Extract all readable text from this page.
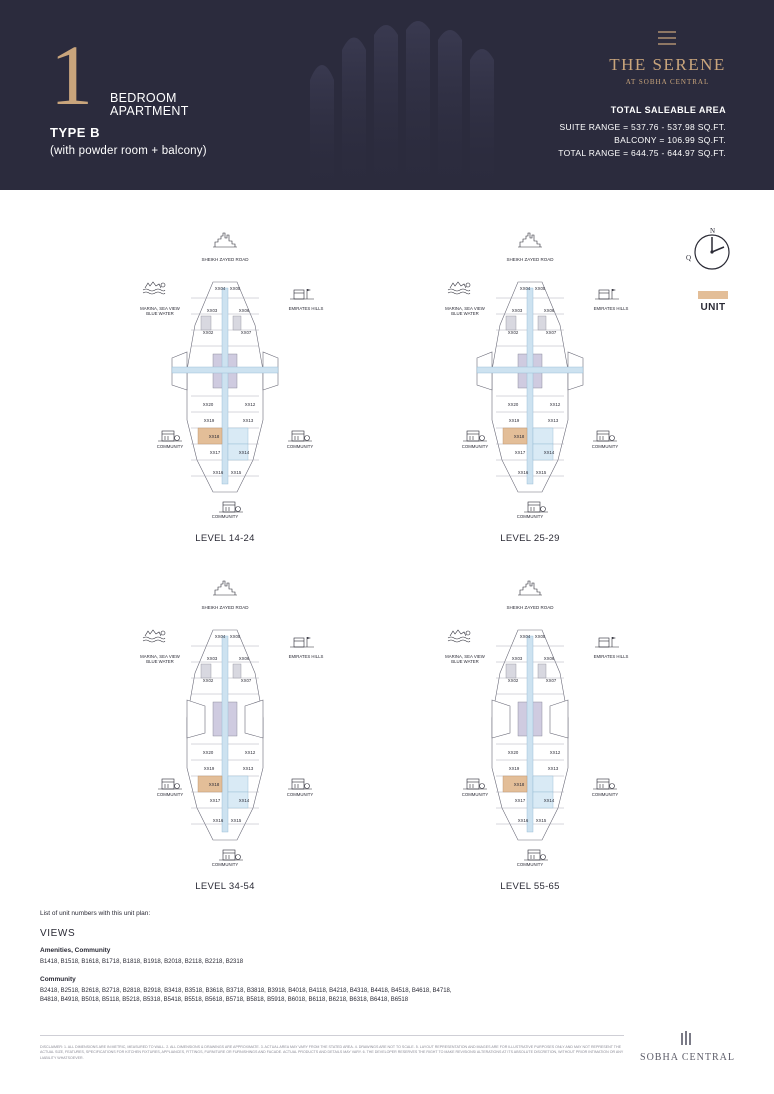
1 BEDROOM
APARTMENT
TYPE B
(with powder room + balcony)
THE SERENE
AT SOBHA CENTRAL
TOTAL SALEABLE AREA
SUITE RANGE = 537.76 - 537.98 SQ.FT.
BALCONY = 106.99 SQ.FT.
TOTAL RANGE = 644.75 - 644.97 SQ.FT.
N
Q
UNIT
SHEIKH ZAYED ROAD
MARINA, SEA VIEW
BLUE WATER
EMIRATES HILLS
COMMUNITY	COMMUNITY
COMMUNITY
XX04	XX05
XX03	XX06
XX02	XX07
XX20	XX12
XX19	XX13
XX18
XX17	XX14
XX16	XX15
LEVEL 14-24
SHEIKH ZAYED ROAD
MARINA, SEA VIEW
BLUE WATER
EMIRATES HILLS
COMMUNITY	COMMUNITY
COMMUNITY
XX04	XX05
XX03	XX06
XX02	XX07
XX20	XX12
XX19	XX13
XX18
XX17	XX14
XX16	XX15
LEVEL 25-29
SHEIKH ZAYED ROAD
MARINA, SEA VIEW
BLUE WATER
EMIRATES HILLS
COMMUNITY	COMMUNITY
COMMUNITY
XX04	XX05
XX03	XX06
XX02	XX07
XX20	XX12
XX19	XX13
XX18
XX17	XX14
XX16	XX15
LEVEL 34-54
SHEIKH ZAYED ROAD
MARINA, SEA VIEW
BLUE WATER
EMIRATES HILLS
COMMUNITY	COMMUNITY
COMMUNITY
XX04	XX05
XX03	XX06
XX02	XX07
XX20	XX12
XX19	XX13
XX18
XX17	XX14
XX16	XX15
LEVEL 55-65
List of unit numbers with this unit plan:
VIEWS
Amenities, Community
B1418, B1518, B1618, B1718, B1818, B1918, B2018, B2118, B2218, B2318
Community
B2418, B2518, B2618, B2718, B2818, B2918, B3418, B3518, B3618, B3718, B3818, B3918, B4018, B4118, B4218, B4318, B4418, B4518, B4618, B4718, B4818, B4918, B5018, B5118, B5218, B5318, B5418, B5518, B5618, B5718, B5818, B5918, B6018, B6118, B6218, B6318, B6418, B6518
DISCLAIMER: 1. ALL DIMENSIONS ARE IN METRIC, MEASURED TO WALL. 2. ALL DIMENSIONS & DRAWINGS ARE APPROXIMATE. 3. ACTUAL AREA MAY VARY FROM THE STATED AREA. 4. DRAWINGS ARE NOT TO SCALE. 5. LAYOUT REPRESENTATION AND IMAGES ARE FOR ILLUSTRATIVE PURPOSES ONLY AND MAY NOT REPRESENT THE ACTUAL SIZE, FEATURES, SPECIFICATIONS FOR KITCHEN FIXTURES, APPLIANCES, FITTINGS, FURNITURE OR FURNISHINGS AND FACADE. ACTUAL PRODUCTS AND DETAILS MAY VARY. 6. THE DEVELOPER RESERVES THE RIGHT TO MAKE REVISIONS/ ALTERATIONS AT ITS ABSOLUTE DISCRETION, WITHOUT PRIOR INTIMATION OR ANY LIABILITY WHATSOEVER.	SOBHA CENTRAL
